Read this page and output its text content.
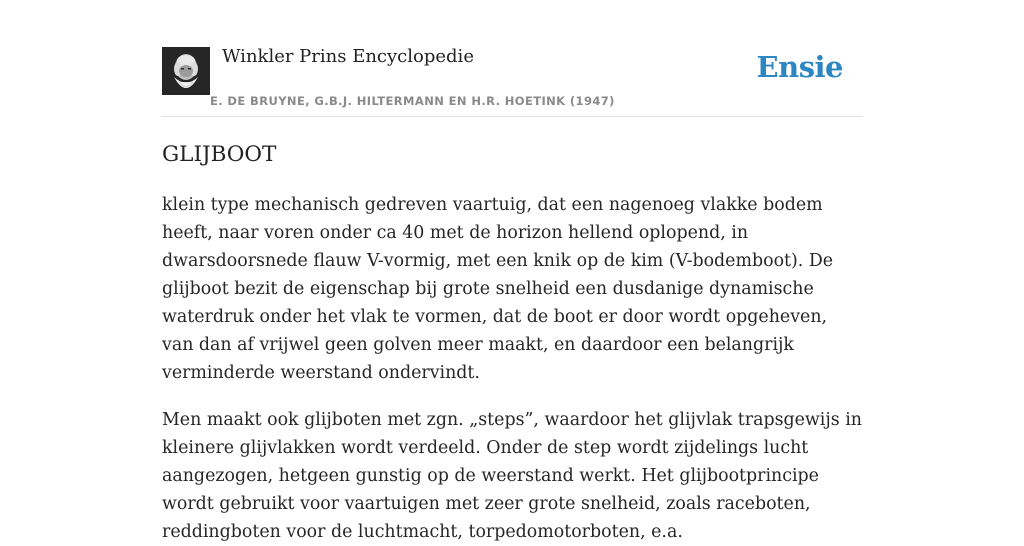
Winkler Prins Encyclopedie
E. DE BRUYNE, G.B.J. HILTERMANN EN H.R. HOETINK (1947)
Ensie
GLIJBOOT

klein type mechanisch gedreven vaartuig, dat een nagenoeg vlakke bodem heeft, naar voren onder ca 40 met de horizon hellend oplopend, in dwarsdoorsnede flauw V-vormig, met een knik op de kim (V-bodemboot). De glijboot bezit de eigenschap bij grote snelheid een dusdanige dynamische waterdruk onder het vlak te vormen, dat de boot er door wordt opgeheven, van dan af vrijwel geen golven meer maakt, en daardoor een belangrijk verminderde weerstand ondervindt.

Men maakt ook glijboten met zgn. „steps”, waardoor het glijvlak trapsgewijs in kleinere glijvlakken wordt verdeeld. Onder de step wordt zijdelings lucht aangezogen, hetgeen gunstig op de weerstand werkt. Het glijbootprincipe wordt gebruikt voor vaartuigen met zeer grote snelheid, zoals raceboten, reddingboten voor de luchtmacht, torpedomotorboten, e.a.
